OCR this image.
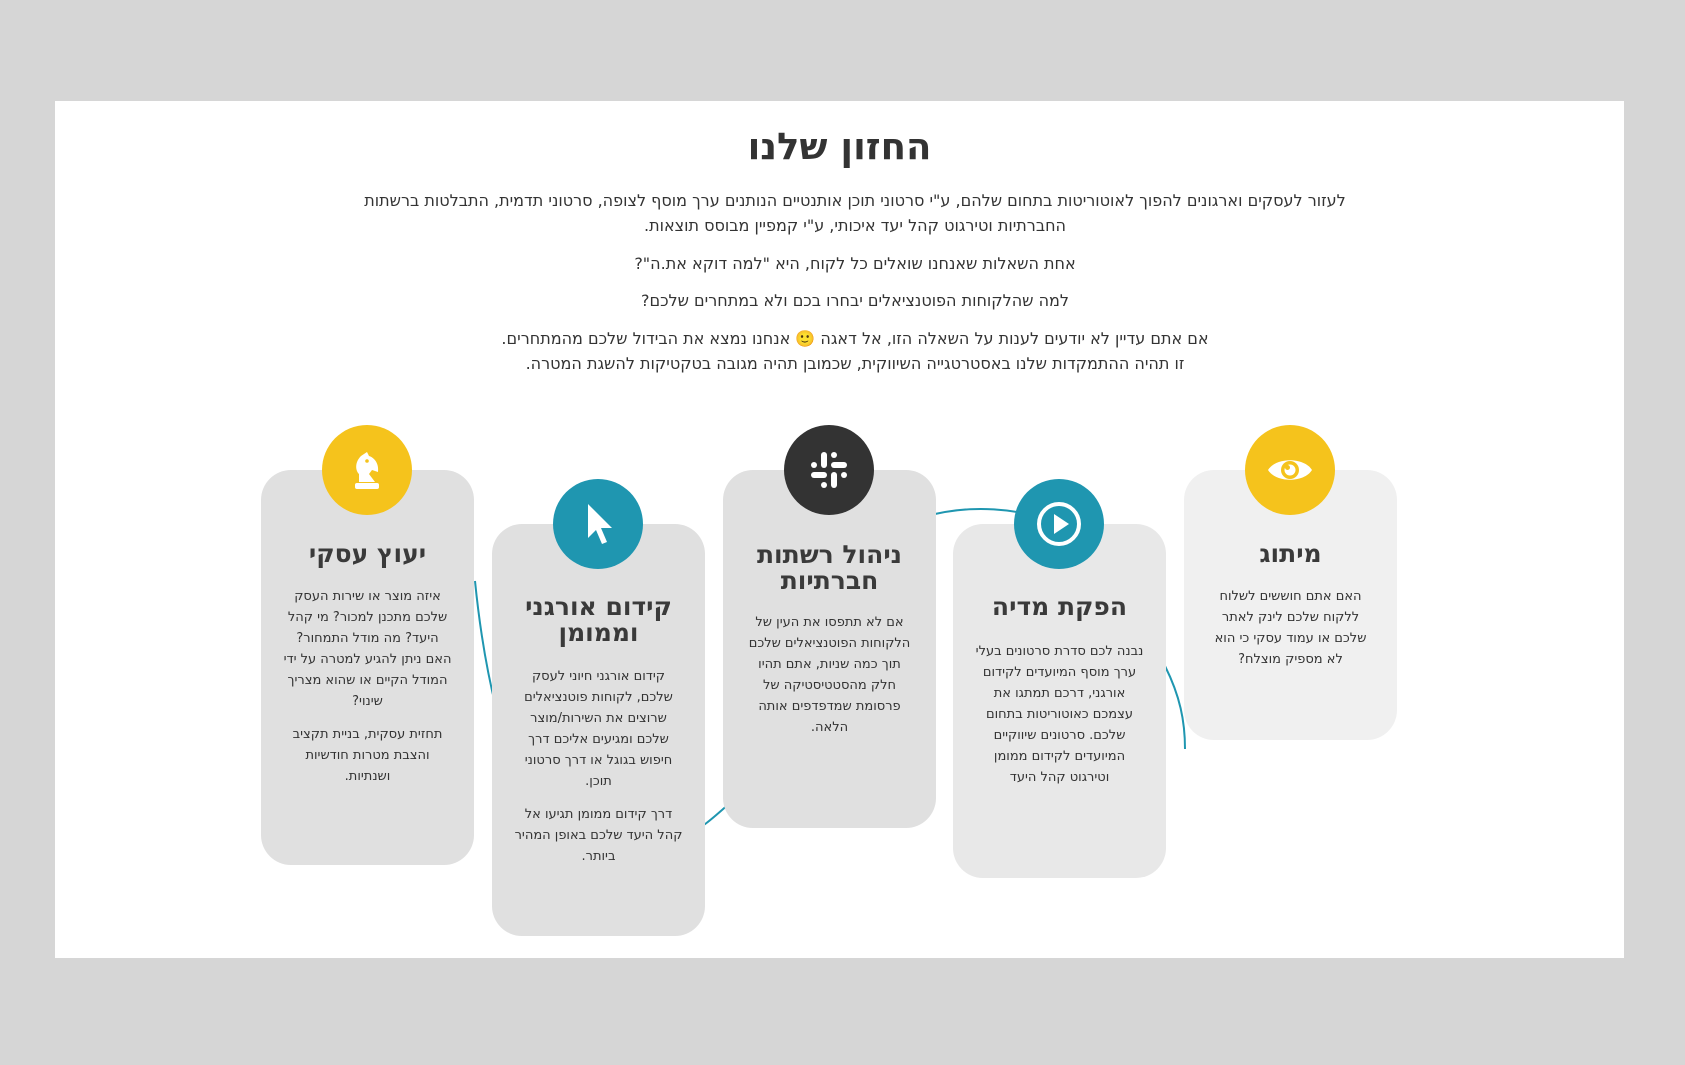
החזון שלנו

לעזור לעסקים וארגונים להפוך לאוטוריטות בתחום שלהם, ע"י סרטוני תוכן אותנטיים הנותנים ערך מוסף לצופה, סרטוני תדמית, התבלטות ברשתות החברתיות וטירגוט קהל יעד איכותי, ע"י קמפיין מבוסס תוצאות.

אחת השאלות שאנחנו שואלים כל לקוח, היא "למה דוקא את.ה"?

למה שהלקוחות הפוטנציאלים יבחרו בכם ולא במתחרים שלכם?

אם אתם עדיין לא יודעים לענות על השאלה הזו, אל דאגה 🙂 אנחנו נמצא את הבידול שלכם מהמתחרים.
זו תהיה ההתמקדות שלנו באסטרטגייה השיווקית, שכמובן תהיה מגובה בטקטיקות להשגת המטרה.

מיתוג

האם אתם חוששים לשלוח ללקוח שלכם לינק לאתר שלכם או עמוד עסקי כי הוא לא מספיק מוצלח?

הפקת מדיה

נבנה לכם סדרת סרטונים בעלי ערך מוסף המיועדים לקידום אורגני, דרכם תמתגו את עצמכם כאוטוריטות בתחום שלכם. סרטונים שיווקיים המיועדים לקידום ממומן וטירגוט קהל היעד

ניהול רשתות חברתיות

אם לא תתפסו את העין של הלקוחות הפוטנציאלים שלכם תוך כמה שניות, אתם תהיו חלק מהסטטיסטיקה של פרסומת שמדפדפים אותה הלאה.

קידום אורגני וממומן

קידום אורגני חיוני לעסק שלכם, לקוחות פוטנציאלים שרוצים את השירות/מוצר שלכם ומגיעים אליכם דרך חיפוש בגוגל או דרך סרטוני תוכן.

דרך קידום ממומן תגיעו אל קהל היעד שלכם באופן המהיר ביותר.

יעוץ עסקי

איזה מוצר או שירות העסק שלכם מתכנן למכור? מי קהל היעד? מה מודל התמחור? האם ניתן להגיע למטרה על ידי המודל הקיים או שהוא מצריך שינוי?

תחזית עסקית, בניית תקציב והצבת מטרות חודשיות ושנתיות.
